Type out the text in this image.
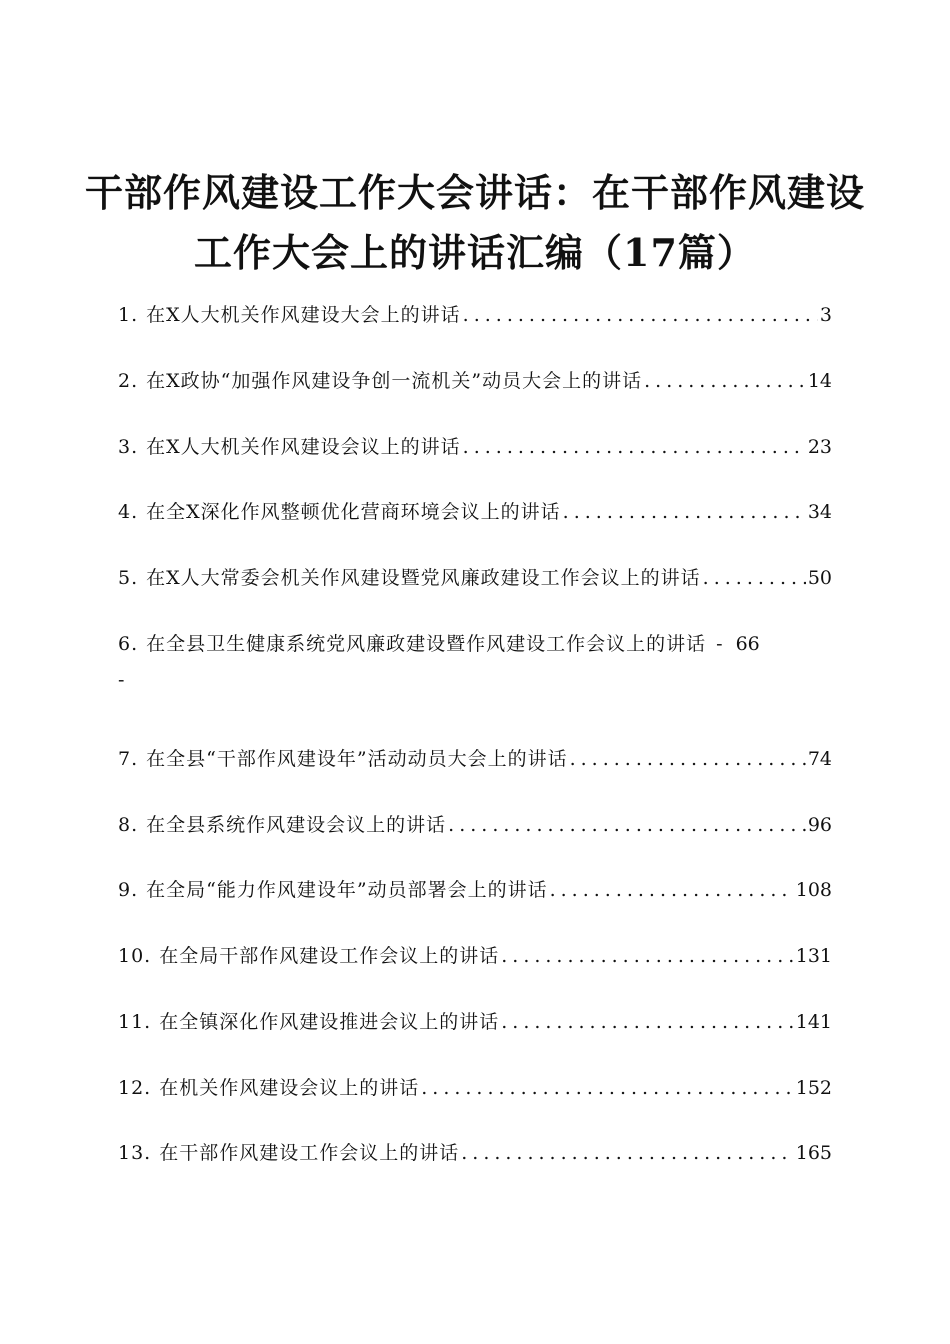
干部作风建设工作大会讲话：在干部作风建设
工作大会上的讲话汇编（17篇）
1. 在X人大机关作风建设大会上的讲话 .....	3
2. 在X政协“加强作风建设争创一流机关”动员大会上的讲话 .....	14
3. 在X人大机关作风建设会议上的讲话 .....	23
4. 在全X深化作风整顿优化营商环境会议上的讲话 .....	34
5. 在X人大常委会机关作风建设暨党风廉政建设工作会议上的讲话 .....	50
6. 在全县卫生健康系统党风廉政建设暨作风建设工作会议上的讲话 - 66
-
7. 在全县“干部作风建设年”活动动员大会上的讲话 .....	74
8. 在全县系统作风建设会议上的讲话 .....	96
9. 在全局“能力作风建设年”动员部署会上的讲话 .....	108
10. 在全局干部作风建设工作会议上的讲话 .....	131
11. 在全镇深化作风建设推进会议上的讲话 .....	141
12. 在机关作风建设会议上的讲话 .....	152
13. 在干部作风建设工作会议上的讲话 .....	165
